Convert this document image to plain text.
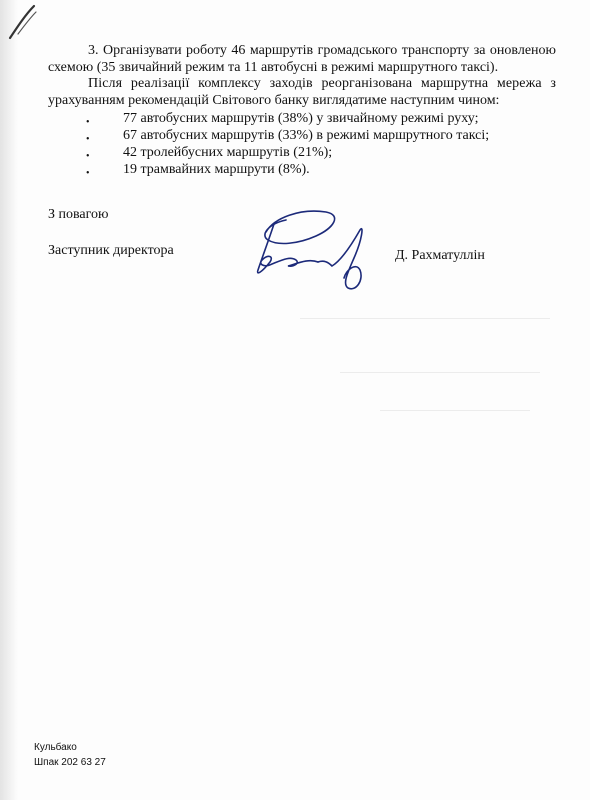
3. Організувати роботу 46 маршрутів громадського транспорту за оновленою
схемою (35 звичайний режим та 11 автобусні в режимі маршрутного таксі).

Після реалізації комплексу заходів реорганізована маршрутна мережа з
урахуванням рекомендацій Світового банку виглядатиме наступним чином:

• 77 автобусних маршрутів (38%) у звичайному режимі руху;
• 67 автобусних маршрутів (33%) в режимі маршрутного таксі;
• 42 тролейбусних маршрутів (21%);
• 19 трамвайних маршрути (8%).
З повагою
Заступник директора	Д. Рахматуллін
Кульбако
Шпак 202 63 27
